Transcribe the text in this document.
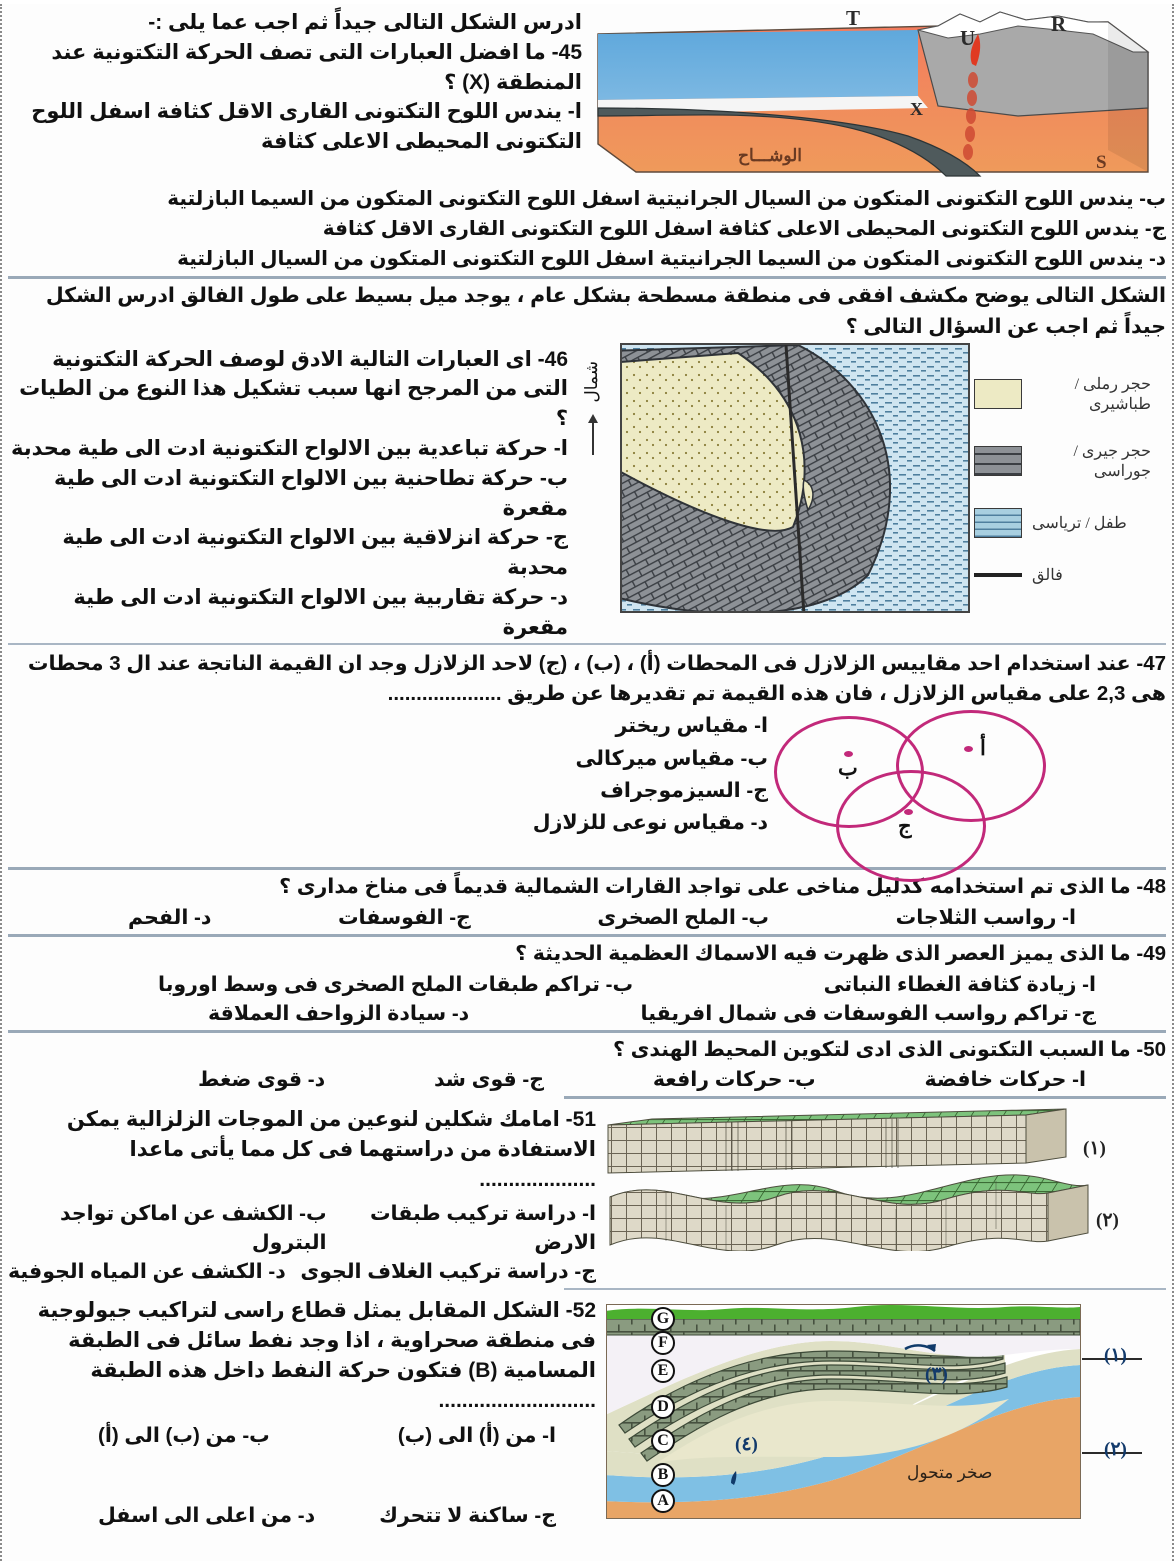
ادرس الشكل التالى جيداً ثم اجب عما يلى :-
45- ما افضل العبارات التى تصف الحركة التكتونية عند المنطقة (X) ؟
ا- يندس اللوح التكتونى القارى الاقل كثافة اسفل اللوح التكتونى المحيطى الاعلى كثافة
T	R
U
X
S
الوشـــاح
ب- يندس اللوح التكتونى المتكون من السيال الجرانيتية اسفل اللوح التكتونى المتكون من السيما البازلتية
ج- يندس اللوح التكتونى المحيطى الاعلى كثافة اسفل اللوح التكتونى القارى الاقل كثافة
د- يندس اللوح التكتونى المتكون من السيما الجرانيتية اسفل اللوح التكتونى المتكون من السيال البازلتية
الشكل التالى يوضح مكشف افقى فى منطقة مسطحة بشكل عام ، يوجد ميل بسيط على طول الفالق ادرس الشكل جيداً ثم اجب عن السؤال التالى ؟
46- اى العبارات التالية الادق لوصف الحركة التكتونية التى من المرجح انها سبب تشكيل هذا النوع من الطيات ؟
ا- حركة تباعدية بين الالواح التكتونية ادت الى طية محدبة
ب- حركة تطاحنية بين الالواح التكتونية ادت الى طية مقعرة
ج- حركة انزلاقية بين الالواح التكتونية ادت الى طية محدبة
د- حركة تقاربية بين الالواح التكتونية ادت الى طية مقعرة
شمال	حجر رملى / طباشيرى
حجر جيرى / جوراسى
طفل / ترياسى
فالق
47- عند استخدام احد مقاييس الزلازل فى المحطات (أ) ، (ب) ، (ج) لاحد الزلازل وجد ان القيمة الناتجة عند ال 3 محطات هى 2,3 على مقياس الزلازل ، فان هذه القيمة تم تقديرها عن طريق ....................
ا- مقياس ريختر
ب- مقياس ميركالى
ج- السيزموجراف
د- مقياس نوعى للزلازل
ب
أ
ج
48- ما الذى تم استخدامه كدليل مناخى على تواجد القارات الشمالية قديماً فى مناخ مدارى ؟
ا- رواسب الثلاجات
ب- الملح الصخرى
ج- الفوسفات
د- الفحم
49- ما الذى يميز العصر الذى ظهرت فيه الاسماك العظمية الحديثة ؟
ا- زيادة كثافة الغطاء النباتى
ب- تراكم طبقات الملح الصخرى فى وسط اوروبا
ج- تراكم رواسب الفوسفات فى شمال افريقيا
د- سيادة الزواحف العملاقة
50- ما السبب التكتونى الذى ادى لتكوين المحيط الهندى ؟
ا- حركات خافضة
ب- حركات رافعة
ج- قوى شد
د- قوى ضغط
51- امامك شكلين لنوعين من الموجات الزلزالية يمكن الاستفادة من دراستهما فى كل مما يأتى ماعدا ....................
ا- دراسة تركيب طبقات الارض
ب- الكشف عن اماكن تواجد البترول
ج- دراسة تركيب الغلاف الجوى
د- الكشف عن المياه الجوفية
(١)
(٢)
52- الشكل المقابل يمثل قطاع راسى لتراكيب جيولوجية فى منطقة صحراوية ، اذا وجد نفط سائل فى الطبقة المسامية (B) فتكون حركة النفط داخل هذه الطبقة ...........................
ا- من (أ) الى (ب)
ب- من (ب) الى (أ)
ج- ساكنة لا تتحرك
د- من اعلى الى اسفل
G
F
E
D
C
B
A
(٤)
(٣)
صخر متحول
(١)
(٢)
